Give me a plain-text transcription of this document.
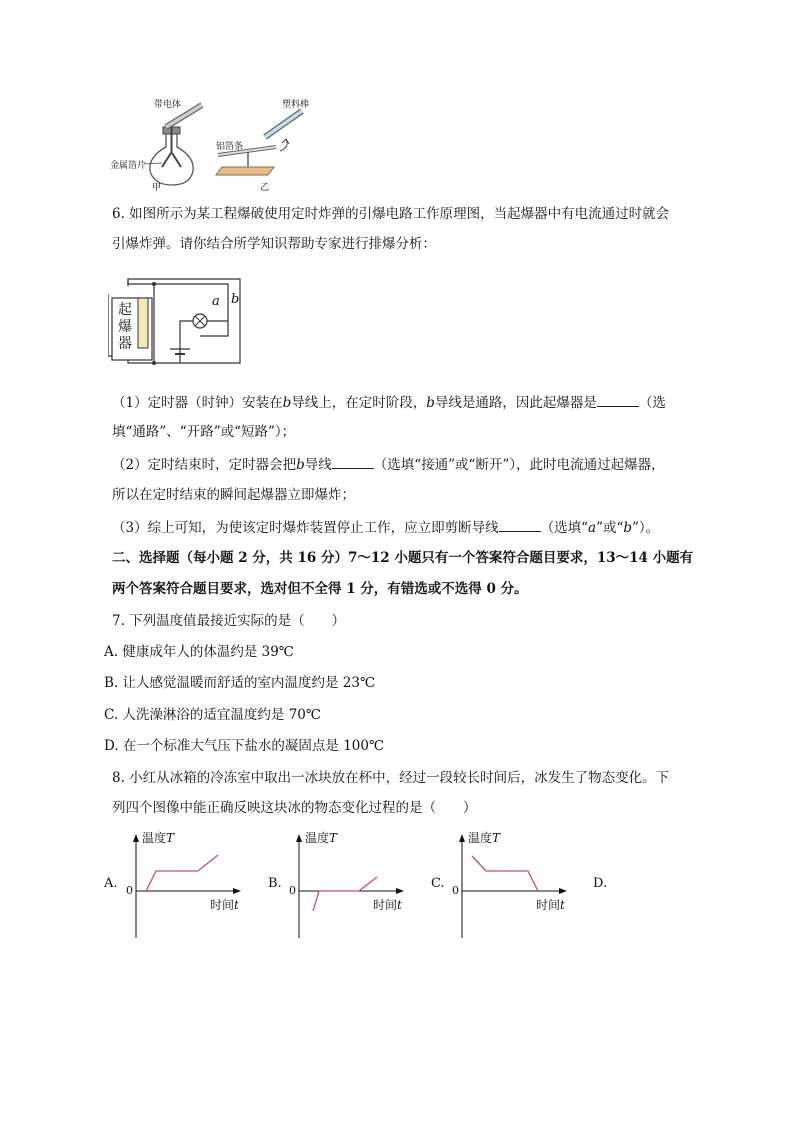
带电体
金属箔片
甲
塑料棒
铝箔条
乙
6. 如图所示为某工程爆破使用定时炸弹的引爆电路工作原理图，当起爆器中有电流通过时就会
引爆炸弹。请你结合所学知识帮助专家进行排爆分析：
起
爆
器
a b
（1）定时器（时钟）安装在b导线上，在定时阶段，b导线是通路，因此起爆器是	（选
填“通路”、“开路”或“短路”）；
（2）定时结束时，定时器会把b导线	（选填“接通”或“断开”），此时电流通过起爆器，
所以在定时结束的瞬间起爆器立即爆炸；
（3）综上可知，为使该定时爆炸装置停止工作，应立即剪断导线	（选填“a”或“b”）。
二、选择题（每小题 2 分，共 16 分）7～12 小题只有一个答案符合题目要求，13～14 小题有
两个答案符合题目要求，选对但不全得 1 分，有错选或不选得 0 分。
7. 下列温度值最接近实际的是（　　）
A. 健康成年人的体温约是 39℃
B. 让人感觉温暖而舒适的室内温度约是 23℃
C. 人洗澡淋浴的适宜温度约是 70℃
D. 在一个标准大气压下盐水的凝固点是 100℃
8. 小红从冰箱的冷冻室中取出一冰块放在杯中，经过一段较长时间后，冰发生了物态变化。下
列四个图像中能正确反映这块冰的物态变化过程的是（　　）
A.
温度T
0
时间t
B.
温度T
0
时间t
C.
温度T
0
时间t
D.
